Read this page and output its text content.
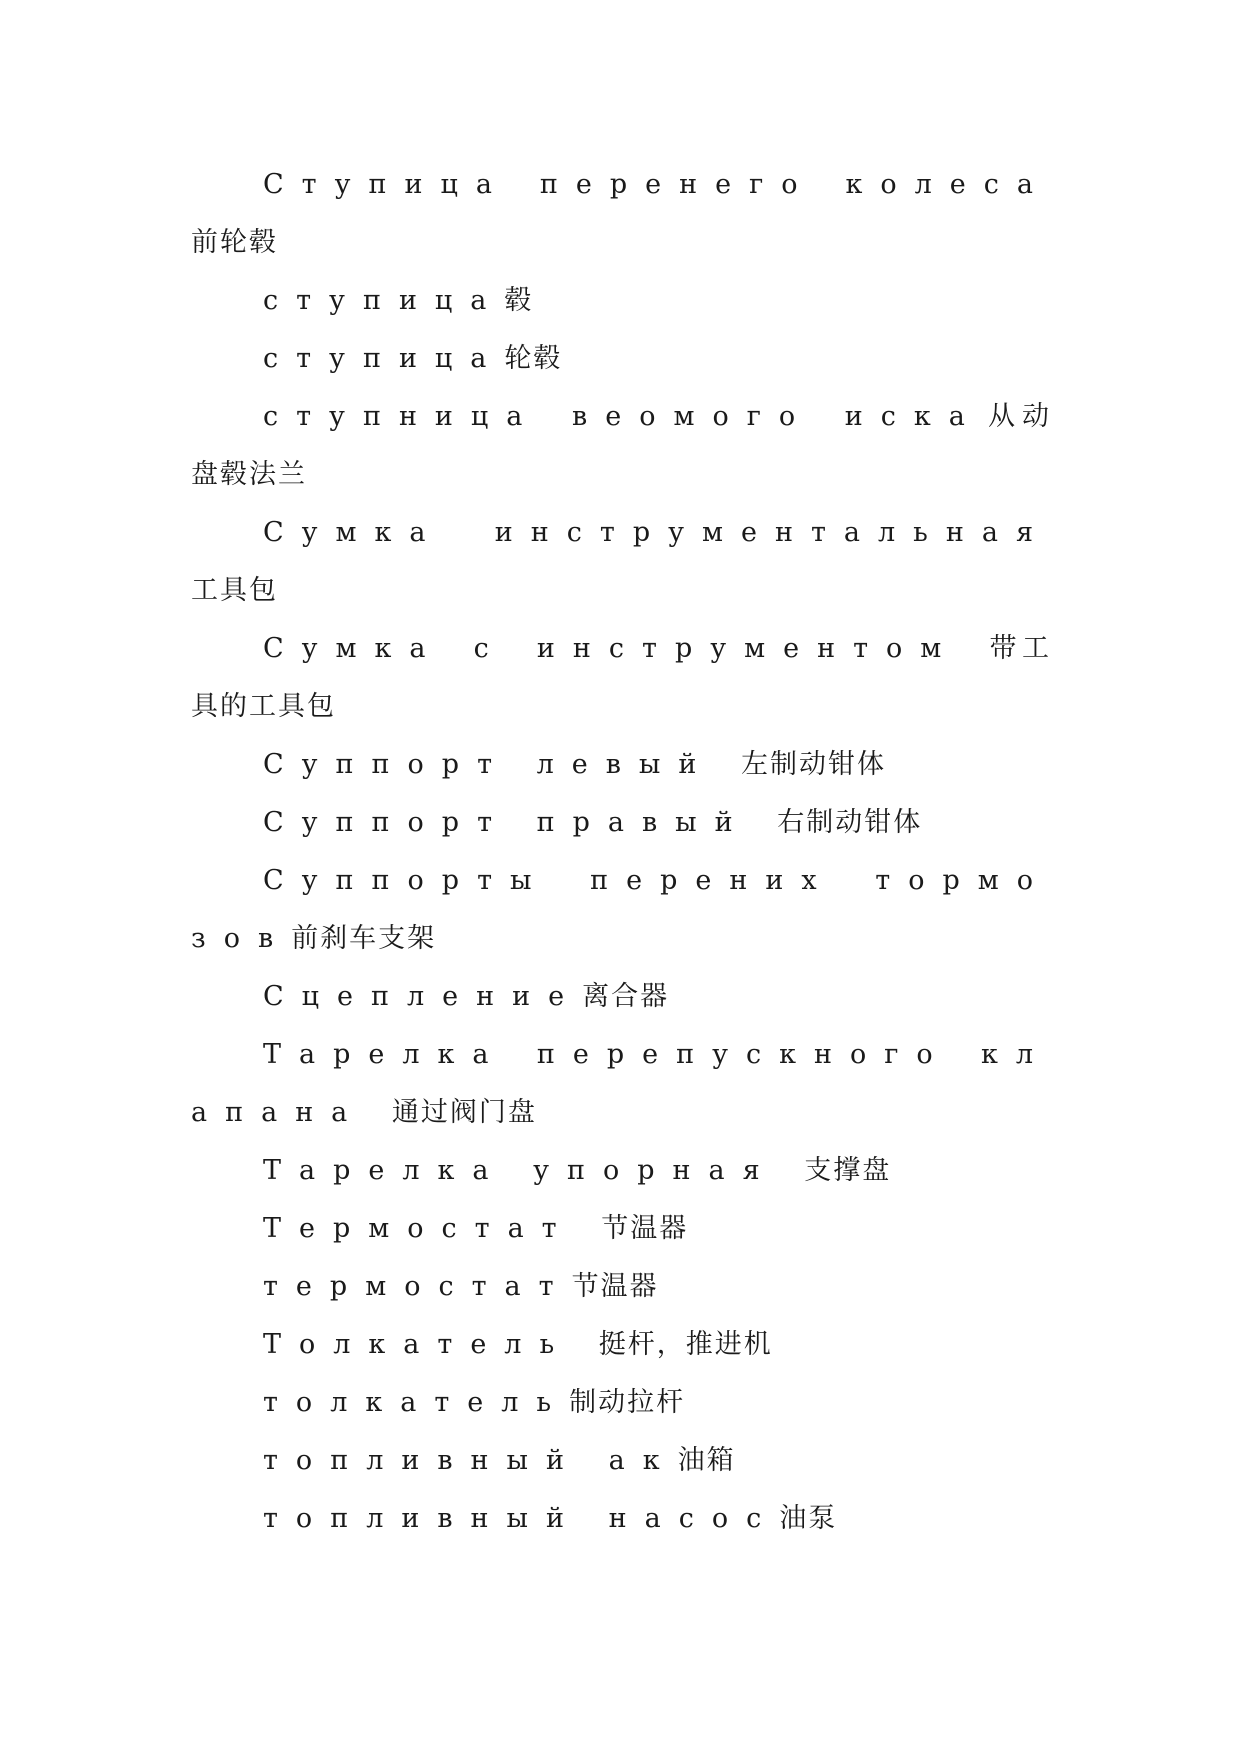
Ступица перенего колеса 前轮毂

ступица毂

ступица轮毂

ступница веомого иска从动盘毂法兰

Сумка инструментальная 工具包

Сумка с инструментом 带工具的工具包

Суппорт левый 左制动钳体

Суппорт правый 右制动钳体

Суппорты перених тормозов前刹车支架

Сцепление离合器

Тарелка перепускного клапана 通过阀门盘

Тарелка упорная 支撑盘

Термостат 节温器

термостат节温器

Толкатель 挺杆，推进机

толкатель制动拉杆

топливный ак油箱

топливный насос油泵
